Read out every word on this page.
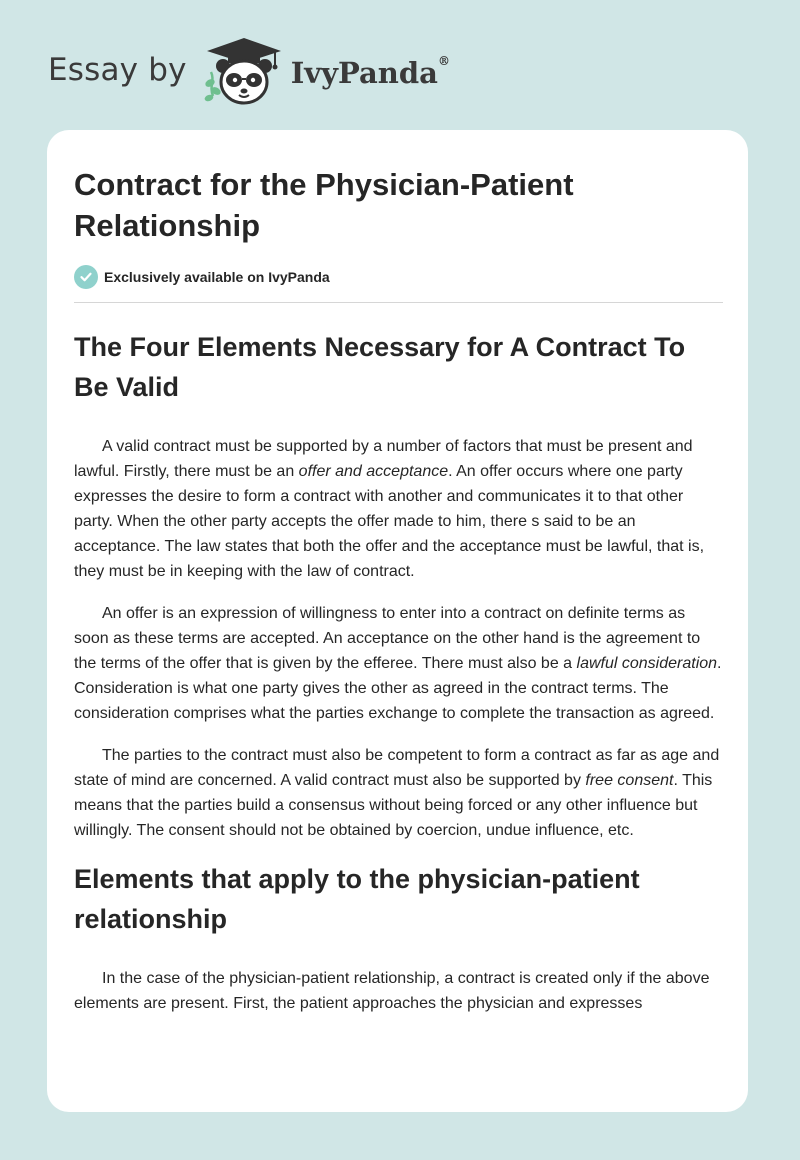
Essay by	IvyPanda®
Contract for the Physician-Patient Relationship
Exclusively available on IvyPanda
The Four Elements Necessary for A Contract To Be Valid

A valid contract must be supported by a number of factors that must be present and lawful. Firstly, there must be an offer and acceptance. An offer occurs where one party expresses the desire to form a contract with another and communicates it to that other party. When the other party accepts the offer made to him, there s said to be an acceptance. The law states that both the offer and the acceptance must be lawful, that is, they must be in keeping with the law of contract.

An offer is an expression of willingness to enter into a contract on definite terms as soon as these terms are accepted. An acceptance on the other hand is the agreement to the terms of the offer that is given by the efferee. There must also be a lawful consideration. Consideration is what one party gives the other as agreed in the contract terms. The consideration comprises what the parties exchange to complete the transaction as agreed.

The parties to the contract must also be competent to form a contract as far as age and state of mind are concerned. A valid contract must also be supported by free consent. This means that the parties build a consensus without being forced or any other influence but willingly. The consent should not be obtained by coercion, undue influence, etc.

Elements that apply to the physician-patient relationship

In the case of the physician-patient relationship, a contract is created only if the above elements are present. First, the patient approaches the physician and expresses
